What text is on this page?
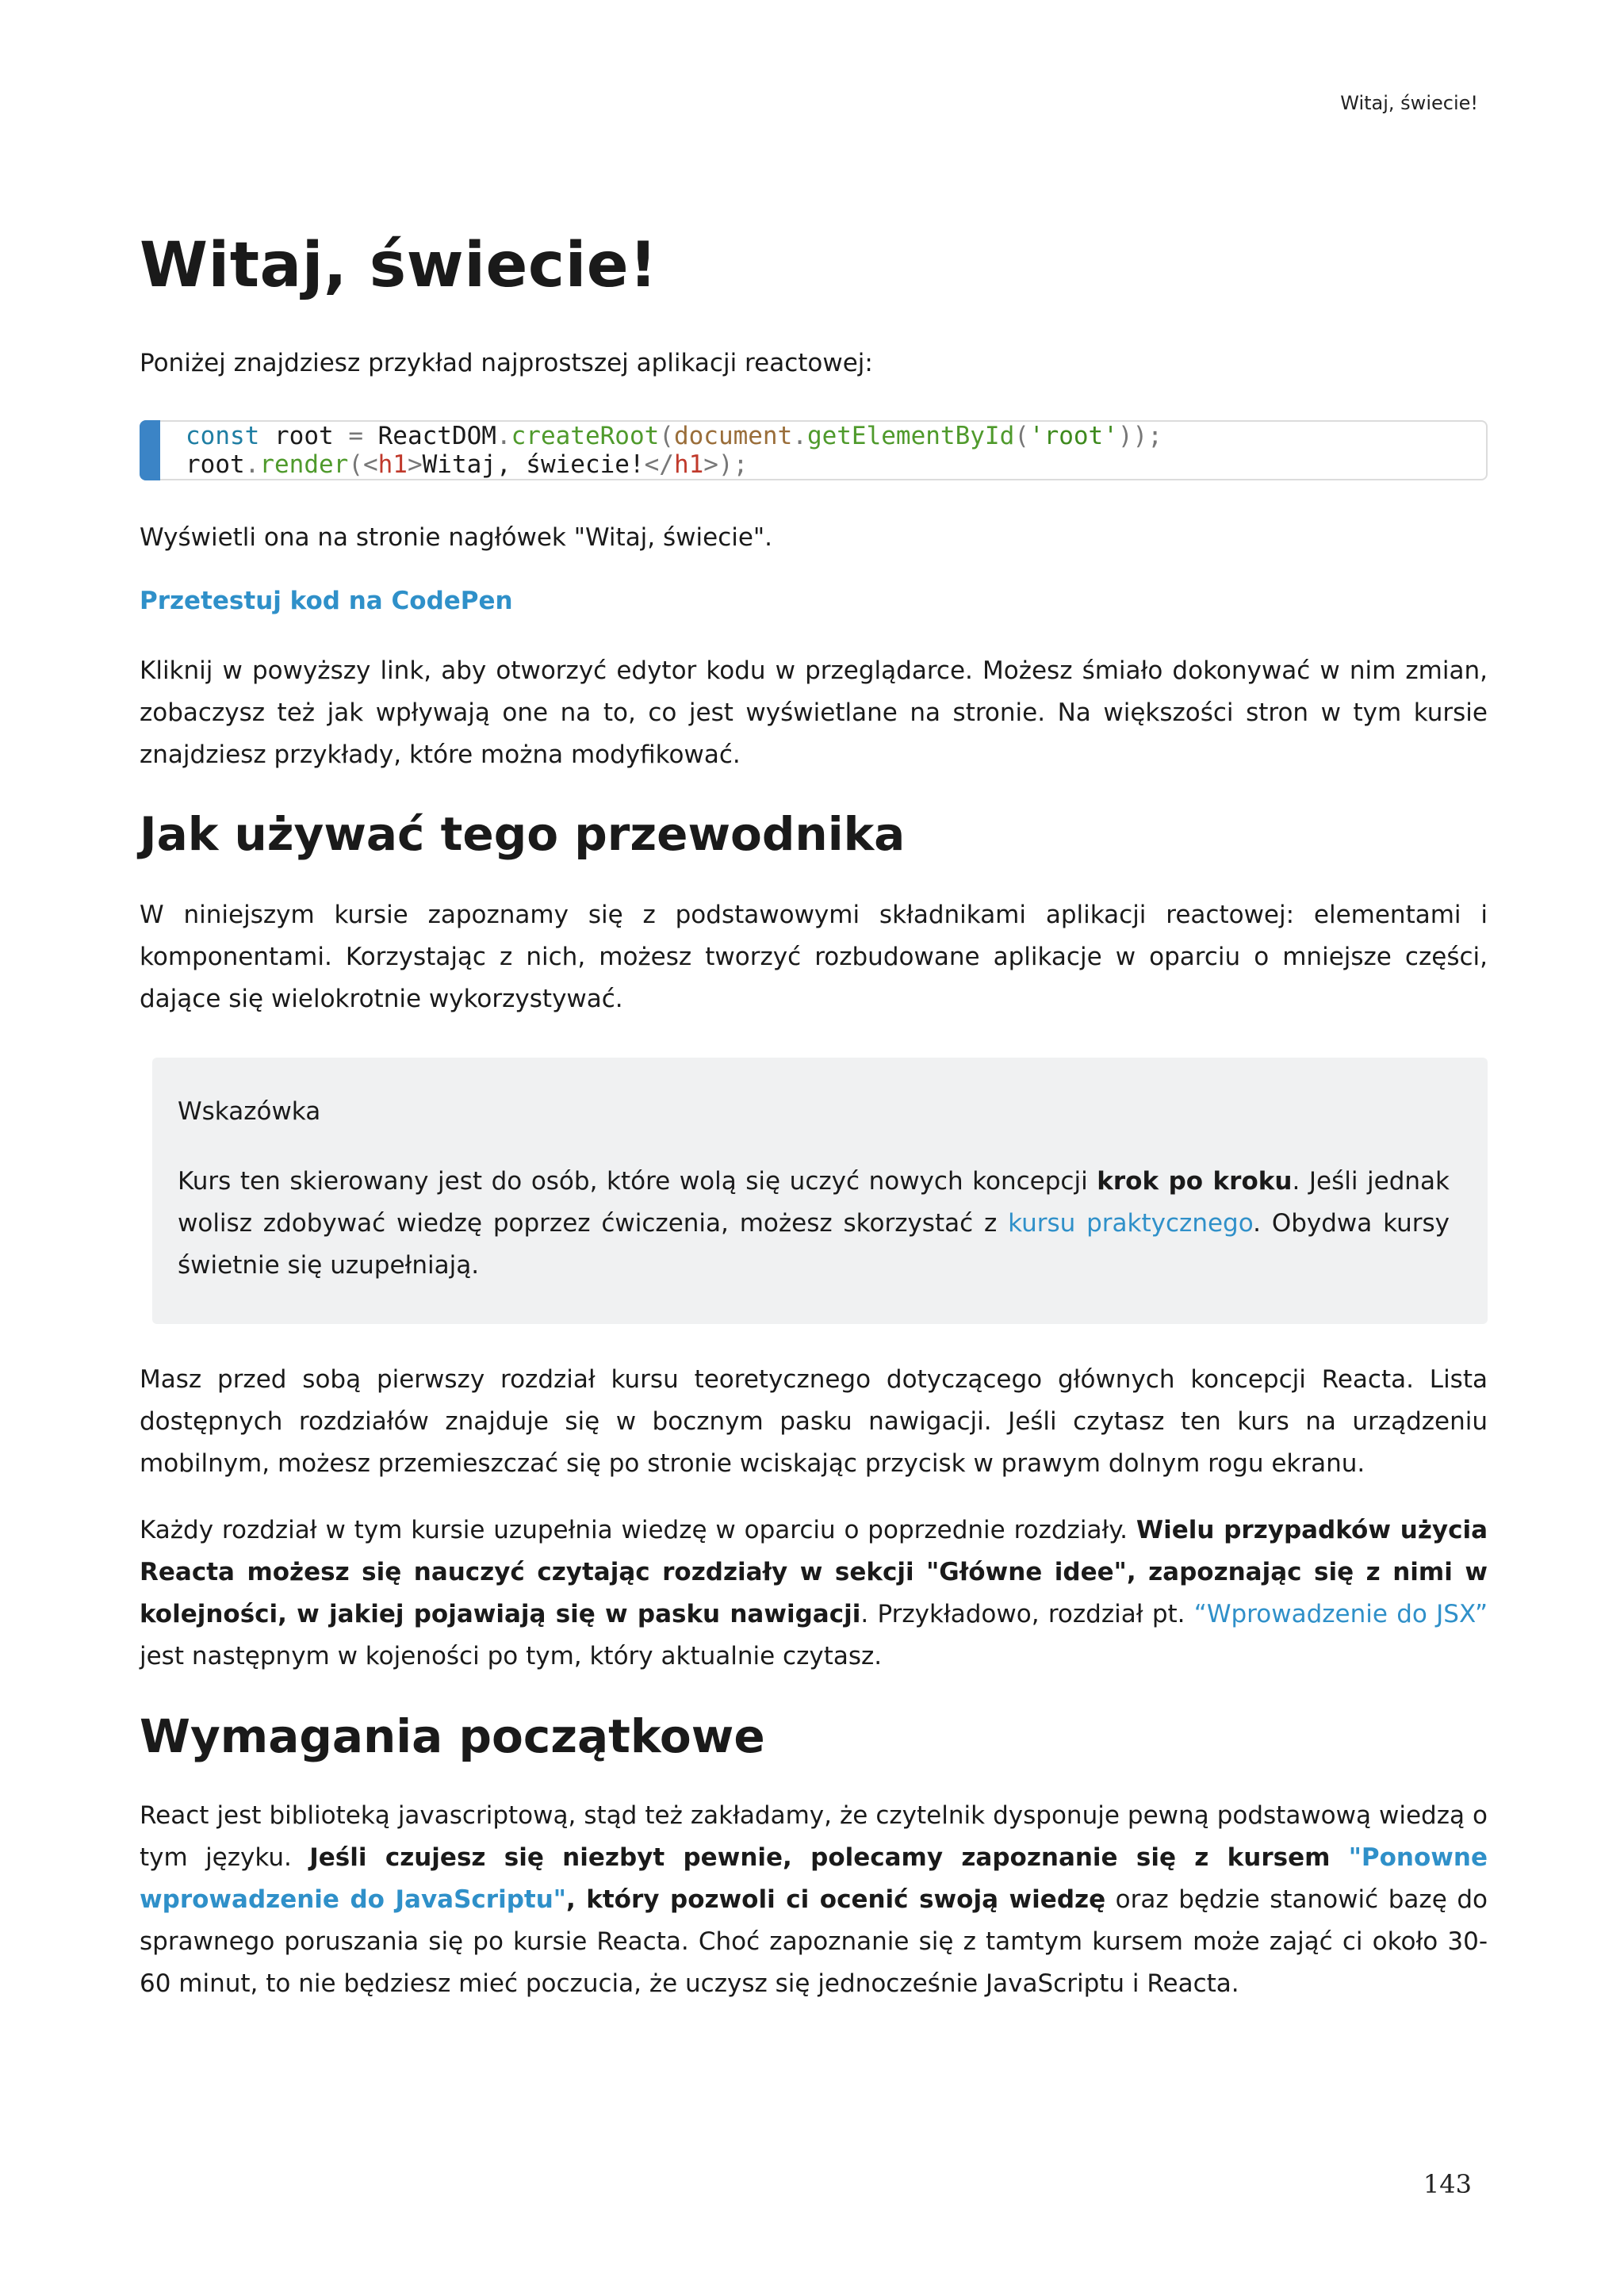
Witaj, świecie!
Witaj, świecie!

Poniżej znajdziesz przykład najprostszej aplikacji reactowej:

const root = ReactDOM.createRoot(document.getElementById('root'));
root.render(<h1>Witaj, świecie!</h1>);

Wyświetli ona na stronie nagłówek "Witaj, świecie".

Przetestuj kod na CodePen

Kliknij w powyższy link, aby otworzyć edytor kodu w przeglądarce. Możesz śmiało dokonywać w nim zmian, zobaczysz też jak wpływają one na to, co jest wyświetlane na stronie. Na większości stron w tym kursie znajdziesz przykłady, które można modyfikować.

Jak używać tego przewodnika

W niniejszym kursie zapoznamy się z podstawowymi składnikami aplikacji reactowej: elementami i komponentami. Korzystając z nich, możesz tworzyć rozbudowane aplikacje w oparciu o mniejsze części, dające się wielokrotnie wykorzystywać.

Wskazówka

Kurs ten skierowany jest do osób, które wolą się uczyć nowych koncepcji krok po kroku. Jeśli jednak wolisz zdobywać wiedzę poprzez ćwiczenia, możesz skorzystać z kursu praktycznego. Obydwa kursy świetnie się uzupełniają.

Masz przed sobą pierwszy rozdział kursu teoretycznego dotyczącego głównych koncepcji Reacta. Lista dostępnych rozdziałów znajduje się w bocznym pasku nawigacji. Jeśli czytasz ten kurs na urządzeniu mobilnym, możesz przemieszczać się po stronie wciskając przycisk w prawym dolnym rogu ekranu.

Każdy rozdział w tym kursie uzupełnia wiedzę w oparciu o poprzednie rozdziały. Wielu przypadków użycia Reacta możesz się nauczyć czytając rozdziały w sekcji "Główne idee", zapoznając się z nimi w kolejności, w jakiej pojawiają się w pasku nawigacji. Przykładowo, rozdział pt. “Wprowadzenie do JSX” jest następnym w kojeności po tym, który aktualnie czytasz.

Wymagania początkowe

React jest biblioteką javascriptową, stąd też zakładamy, że czytelnik dysponuje pewną podstawową wiedzą o tym języku. Jeśli czujesz się niezbyt pewnie, polecamy zapoznanie się z kursem "Ponowne wprowadzenie do JavaScriptu", który pozwoli ci ocenić swoją wiedzę oraz będzie stanowić bazę do sprawnego poruszania się po kursie Reacta. Choć zapoznanie się z tamtym kursem może zająć ci około 30-60 minut, to nie będziesz mieć poczucia, że uczysz się jednocześnie JavaScriptu i Reacta.

143
